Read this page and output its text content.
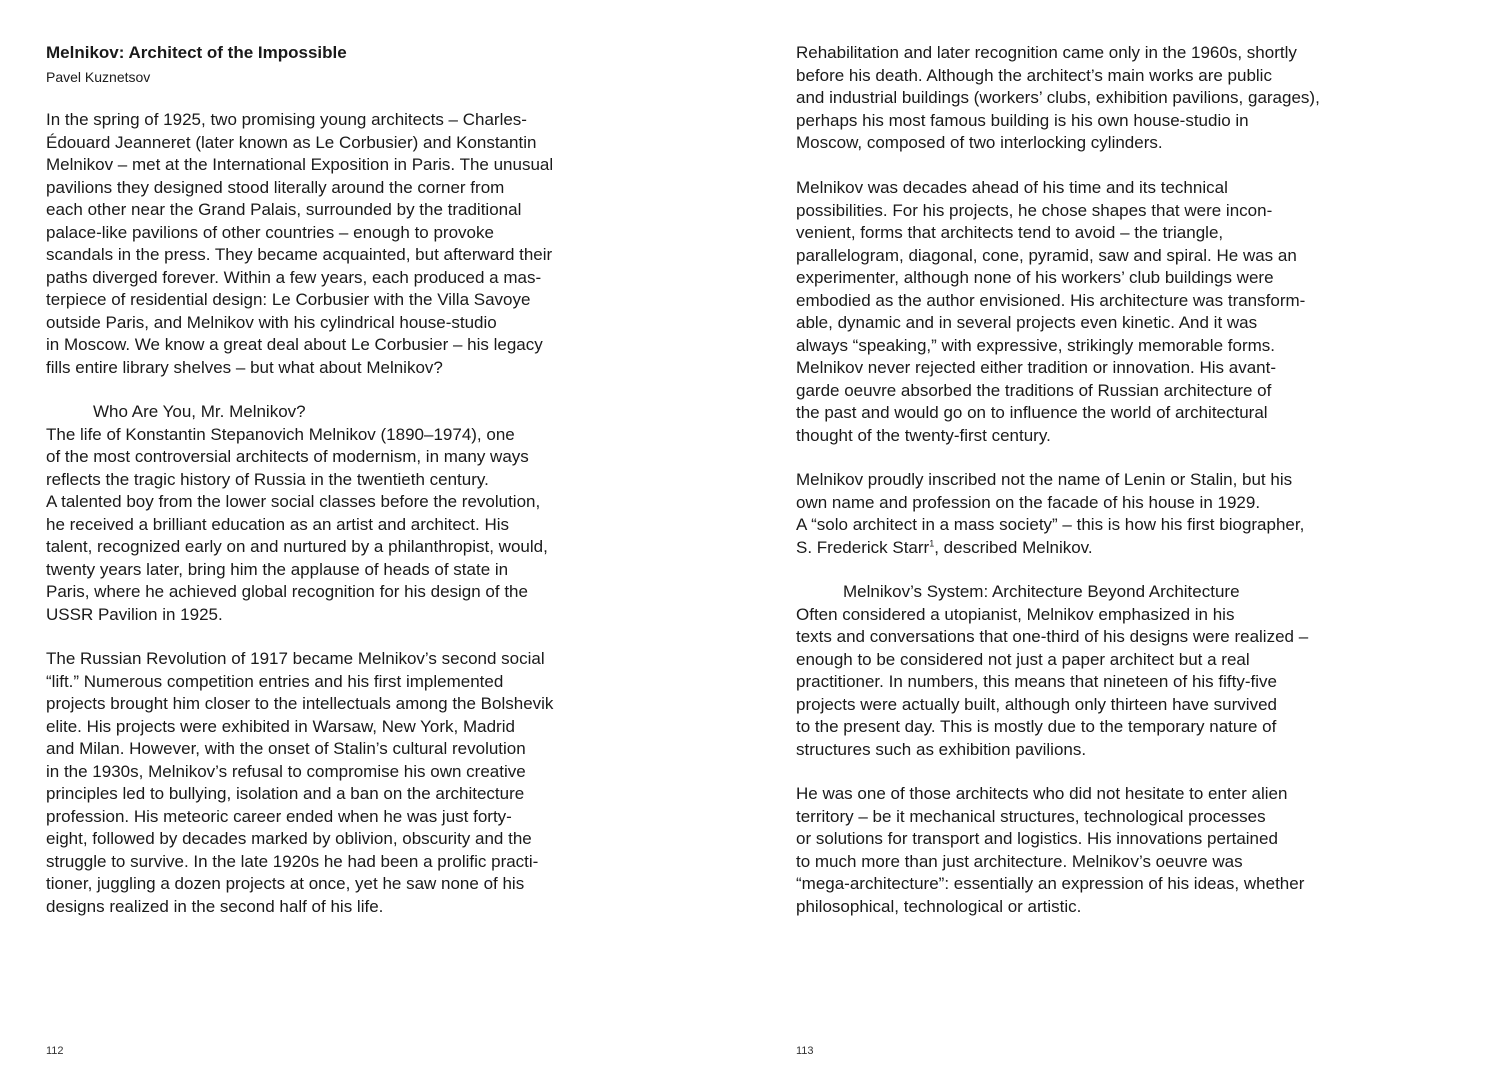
Melnikov: Architect of the Impossible
Pavel Kuznetsov
In the spring of 1925, two promising young architects – Charles-
Édouard Jeanneret (later known as Le Corbusier) and Konstantin
Melnikov – met at the International Exposition in Paris. The unusual
pavilions they designed stood literally around the corner from
each other near the Grand Palais, surrounded by the traditional
palace-like pavilions of other countries – enough to provoke
scandals in the press. They became acquainted, but afterward their
paths diverged forever. Within a few years, each produced a mas-
terpiece of residential design: Le Corbusier with the Villa Savoye
outside Paris, and Melnikov with his cylindrical house-studio
in Moscow. We know a great deal about Le Corbusier – his legacy
fills entire library shelves – but what about Melnikov?
Who Are You, Mr. Melnikov?
The life of Konstantin Stepanovich Melnikov (1890–1974), one
of the most controversial architects of modernism, in many ways
reflects the tragic history of Russia in the twentieth century.
A talented boy from the lower social classes before the revolution,
he received a brilliant education as an artist and architect. His
talent, recognized early on and nurtured by a philanthropist, would,
twenty years later, bring him the applause of heads of state in
Paris, where he achieved global recognition for his design of the
USSR Pavilion in 1925.
The Russian Revolution of 1917 became Melnikov’s second social
“lift.” Numerous competition entries and his first implemented
projects brought him closer to the intellectuals among the Bolshevik
elite. His projects were exhibited in Warsaw, New York, Madrid
and Milan. However, with the onset of Stalin’s cultural revolution
in the 1930s, Melnikov’s refusal to compromise his own creative
principles led to bullying, isolation and a ban on the architecture
profession. His meteoric career ended when he was just forty-
eight, followed by decades marked by oblivion, obscurity and the
struggle to survive. In the late 1920s he had been a prolific practi-
tioner, juggling a dozen projects at once, yet he saw none of his
designs realized in the second half of his life.
Rehabilitation and later recognition came only in the 1960s, shortly
before his death. Although the architect’s main works are public
and industrial buildings (workers’ clubs, exhibition pavilions, garages),
perhaps his most famous building is his own house-studio in
Moscow, composed of two interlocking cylinders.
Melnikov was decades ahead of his time and its technical
possibilities. For his projects, he chose shapes that were incon-
venient, forms that architects tend to avoid – the triangle,
parallelogram, diagonal, cone, pyramid, saw and spiral. He was an
experimenter, although none of his workers’ club buildings were
embodied as the author envisioned. His architecture was transform-
able, dynamic and in several projects even kinetic. And it was
always “speaking,” with expressive, strikingly memorable forms.
Melnikov never rejected either tradition or innovation. His avant-
garde oeuvre absorbed the traditions of Russian architecture of
the past and would go on to influence the world of architectural
thought of the twenty-first century.
Melnikov proudly inscribed not the name of Lenin or Stalin, but his
own name and profession on the facade of his house in 1929.
A “solo architect in a mass society” – this is how his first biographer,
S. Frederick Starr$^1$, described Melnikov.
Melnikov’s System: Architecture Beyond Architecture
Often considered a utopianist, Melnikov emphasized in his
texts and conversations that one-third of his designs were realized –
enough to be considered not just a paper architect but a real
practitioner. In numbers, this means that nineteen of his fifty-five
projects were actually built, although only thirteen have survived
to the present day. This is mostly due to the temporary nature of
structures such as exhibition pavilions.
He was one of those architects who did not hesitate to enter alien
territory – be it mechanical structures, technological processes
or solutions for transport and logistics. His innovations pertained
to much more than just architecture. Melnikov’s oeuvre was
“mega-architecture”: essentially an expression of his ideas, whether
philosophical, technological or artistic.
112	113
